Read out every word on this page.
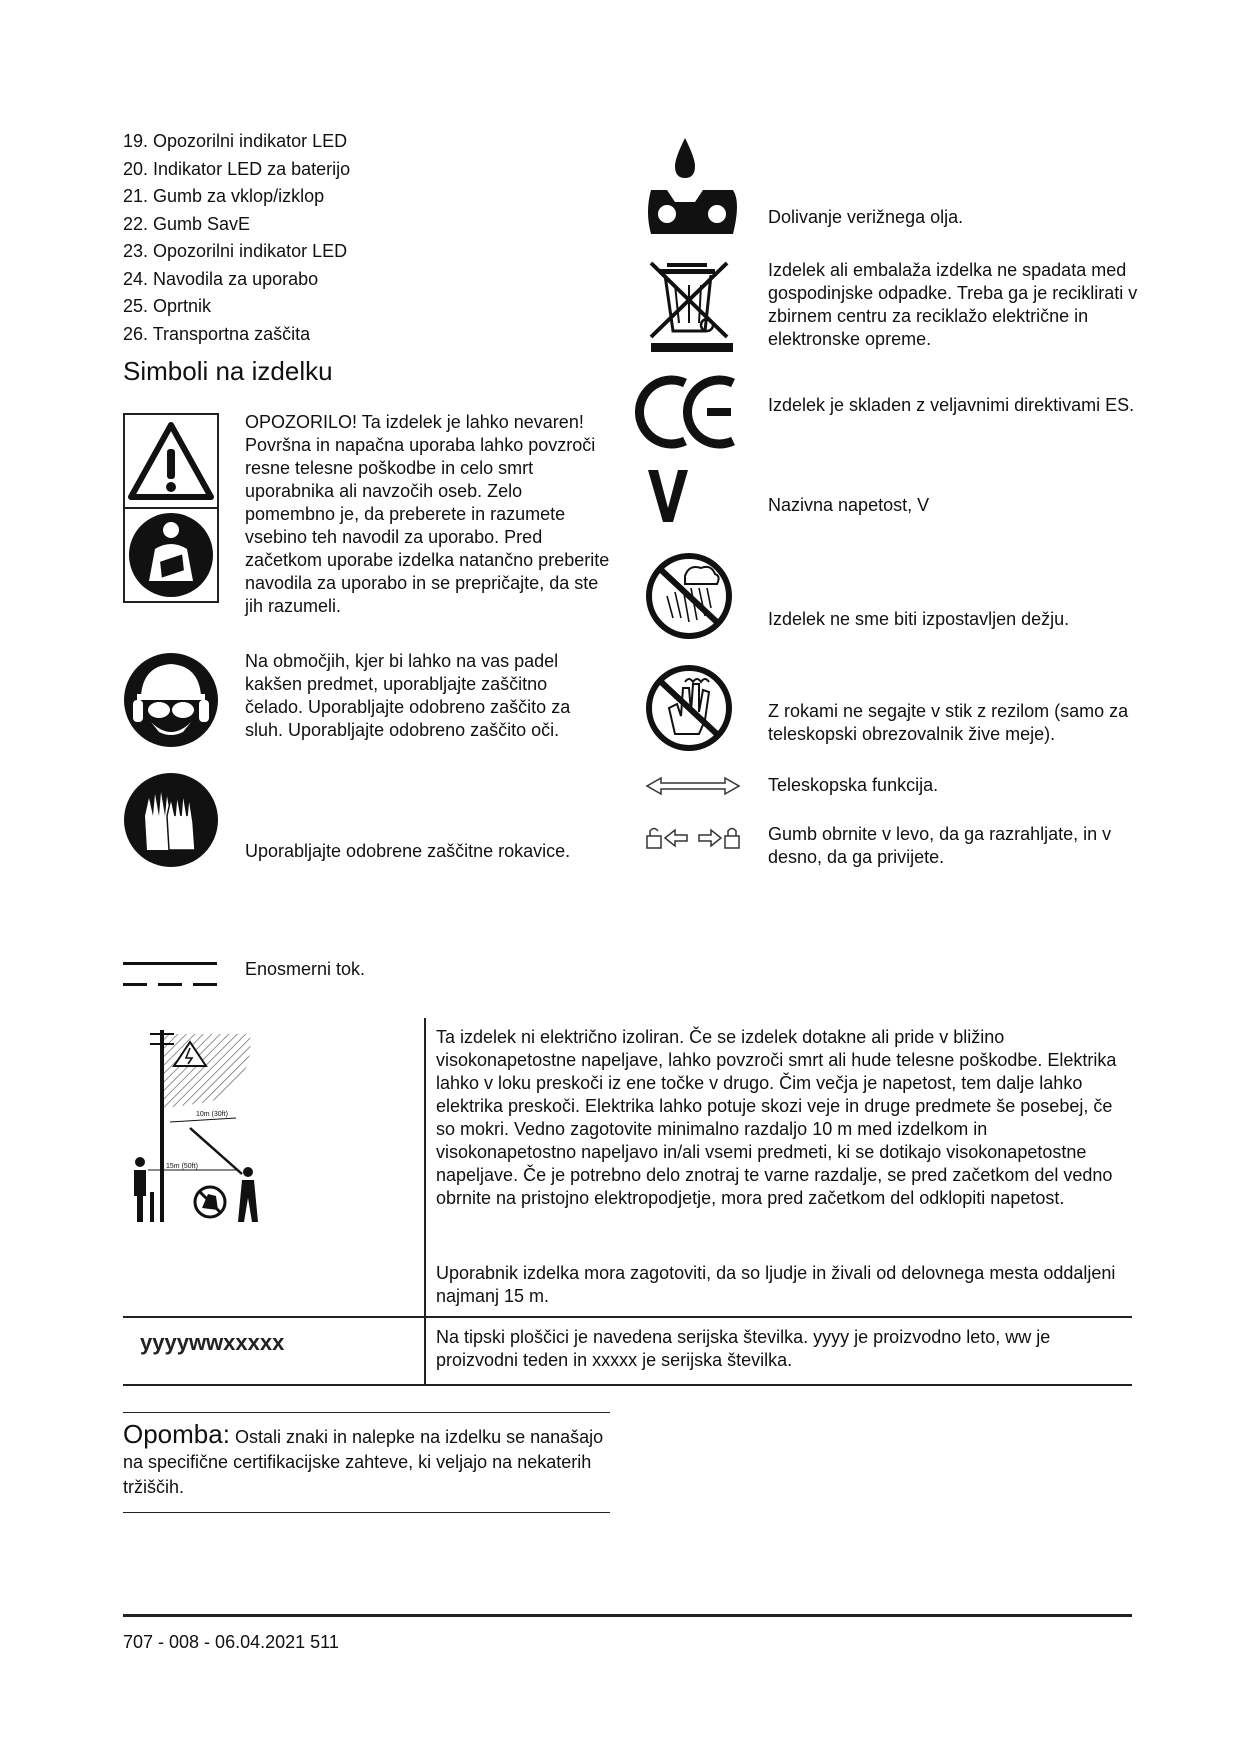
19. Opozorilni indikator LED
20. Indikator LED za baterijo
21. Gumb za vklop/izklop
22. Gumb SavE
23. Opozorilni indikator LED
24. Navodila za uporabo
25. Oprtnik
26. Transportna zaščita
Simboli na izdelku
OPOZORILO! Ta izdelek je lahko nevaren! Površna in napačna uporaba lahko povzroči resne telesne poškodbe in celo smrt uporabnika ali navzočih oseb. Zelo pomembno je, da preberete in razumete vsebino teh navodil za uporabo. Pred začetkom uporabe izdelka natančno preberite navodila za uporabo in se prepričajte, da ste jih razumeli.
Na območjih, kjer bi lahko na vas padel kakšen predmet, uporabljajte zaščitno čelado. Uporabljajte odobreno zaščito za sluh. Uporabljajte odobreno zaščito oči.
Uporabljajte odobrene zaščitne rokavice.
Dolivanje verižnega olja.
Izdelek ali embalaža izdelka ne spadata med gospodinjske odpadke. Treba ga je reciklirati v zbirnem centru za reciklažo električne in elektronske opreme.
Izdelek je skladen z veljavnimi direktivami ES.
Nazivna napetost, V
Izdelek ne sme biti izpostavljen dežju.
Z rokami ne segajte v stik z rezilom (samo za teleskopski obrezovalnik žive meje).
Teleskopska funkcija.
Gumb obrnite v levo, da ga razrahljate, in v desno, da ga privijete.
Enosmerni tok.
10m (30ft)
15m (50ft)
Ta izdelek ni električno izoliran. Če se izdelek dotakne ali pride v bližino visokonapetostne napeljave, lahko povzroči smrt ali hude telesne poškodbe. Elektrika lahko v loku preskoči iz ene točke v drugo. Čim večja je napetost, tem dalje lahko elektrika preskoči. Elektrika lahko potuje skozi veje in druge predmete še posebej, če so mokri. Vedno zagotovite minimalno razdaljo 10 m med izdelkom in visokonapetostno napeljavo in/ali vsemi predmeti, ki se dotikajo visokonapetostne napeljave. Če je potrebno delo znotraj te varne razdalje, se pred začetkom del vedno obrnite na pristojno elektropodjetje, mora pred začetkom del odklopiti napetost.
Uporabnik izdelka mora zagotoviti, da so ljudje in živali od delovnega mesta oddaljeni najmanj 15 m.
yyyywwxxxxx	Na tipski ploščici je navedena serijska številka. yyyy je proizvodno leto, ww je proizvodni teden in xxxxx je serijska številka.
Opomba: Ostali znaki in nalepke na izdelku se nanašajo na specifične certifikacijske zahteve, ki veljajo na nekaterih tržiščih.
707 - 008 - 06.04.2021 511
